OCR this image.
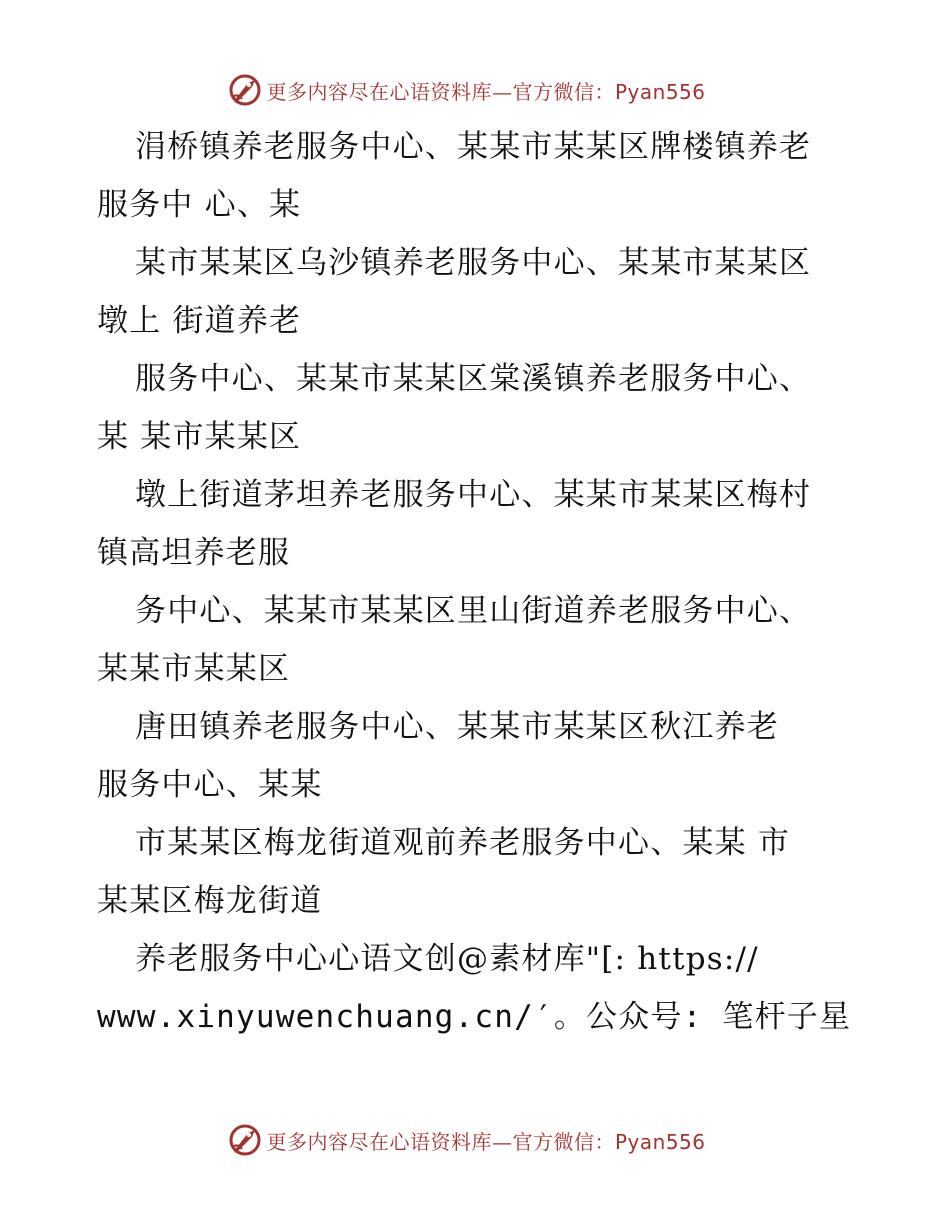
更多内容尽在心语资料库—官方微信：Pyan556
涓桥镇养老服务中心、某某市某某区牌楼镇养老
服务中 心、某
某市某某区乌沙镇养老服务中心、某某市某某区
墩上 街道养老
服务中心、某某市某某区棠溪镇养老服务中心、
某 某市某某区
墩上街道茅坦养老服务中心、某某市某某区梅村
镇高坦养老服
务中心、某某市某某区里山街道养老服务中心、
某某市某某区
唐田镇养老服务中心、某某市某某区秋江养老
服务中心、某某
市某某区梅龙街道观前养老服务中心、某某 市
某某区梅龙街道
养老服务中心心语文创@素材库"[: https://
www.xinyuwenchuang.cn/′。公众号: 笔杆子星
更多内容尽在心语资料库—官方微信：Pyan556
